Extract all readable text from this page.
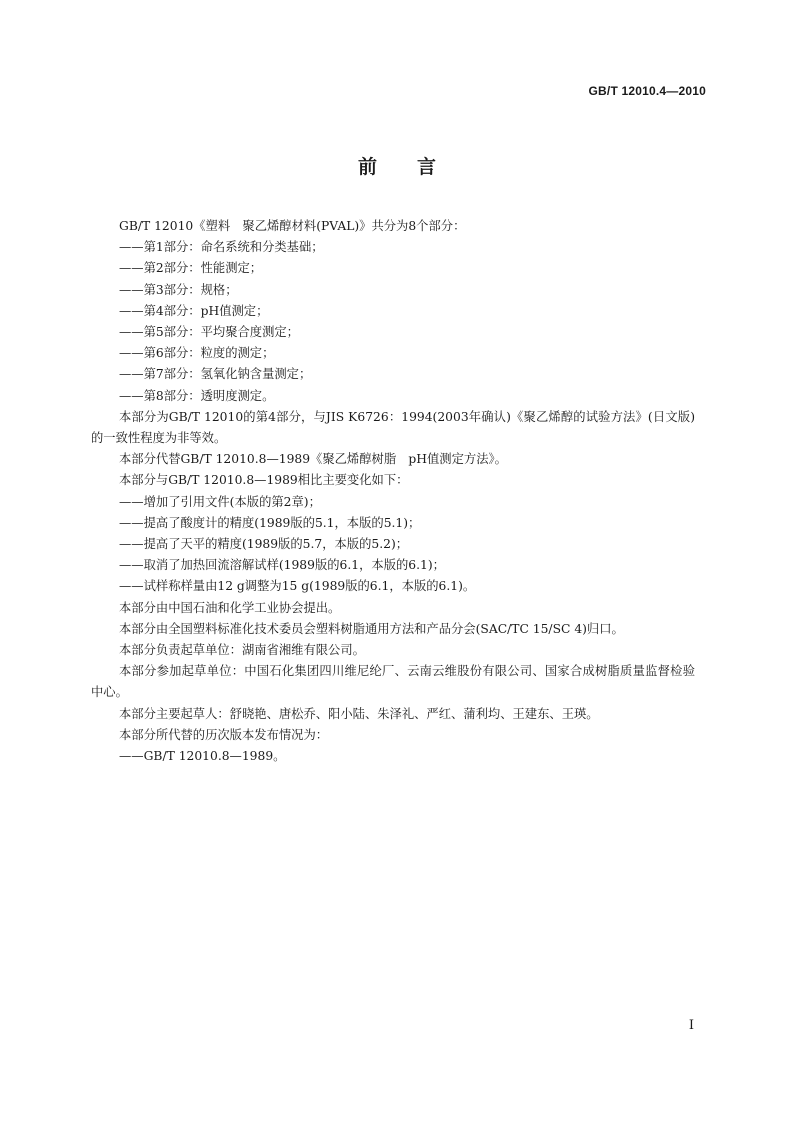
GB/T 12010.4—2010
前言

GB/T 12010《塑料　聚乙烯醇材料(PVAL)》共分为8个部分：

——第1部分：命名系统和分类基础；

——第2部分：性能测定；

——第3部分：规格；

——第4部分：pH值测定；

——第5部分：平均聚合度测定；

——第6部分：粒度的测定；

——第7部分：氢氧化钠含量测定；

——第8部分：透明度测定。

本部分为GB/T 12010的第4部分，与JIS K6726：1994(2003年确认)《聚乙烯醇的试验方法》(日文版)的一致性程度为非等效。

本部分代替GB/T 12010.8—1989《聚乙烯醇树脂　pH值测定方法》。

本部分与GB/T 12010.8—1989相比主要变化如下：

——增加了引用文件(本版的第2章)；

——提高了酸度计的精度(1989版的5.1，本版的5.1)；

——提高了天平的精度(1989版的5.7，本版的5.2)；

——取消了加热回流溶解试样(1989版的6.1，本版的6.1)；

——试样称样量由12 g调整为15 g(1989版的6.1，本版的6.1)。

本部分由中国石油和化学工业协会提出。

本部分由全国塑料标准化技术委员会塑料树脂通用方法和产品分会(SAC/TC 15/SC 4)归口。

本部分负责起草单位：湖南省湘维有限公司。

本部分参加起草单位：中国石化集团四川维尼纶厂、云南云维股份有限公司、国家合成树脂质量监督检验中心。

本部分主要起草人：舒晓艳、唐松乔、阳小陆、朱泽礼、严红、蒲利均、王建东、王瑛。

本部分所代替的历次版本发布情况为：

——GB/T 12010.8—1989。

I
